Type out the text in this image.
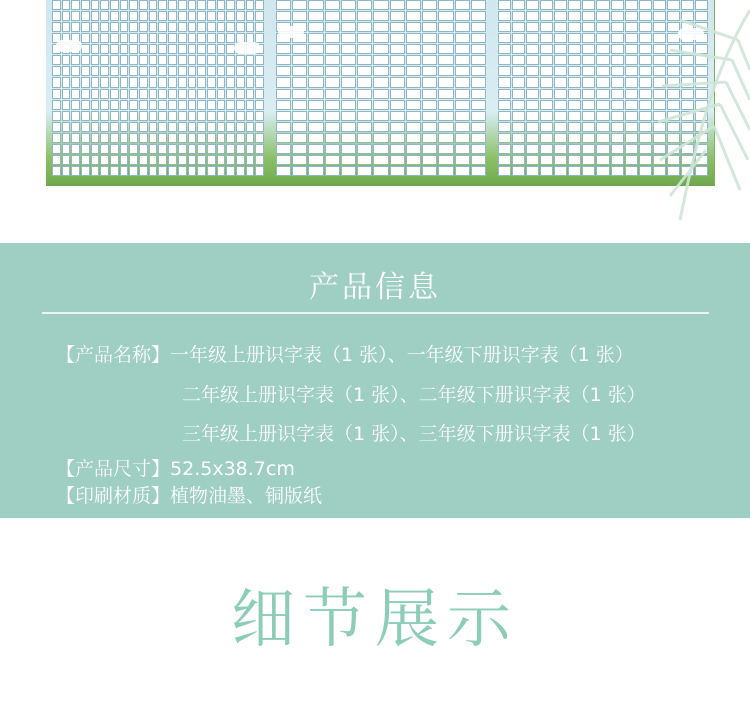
产品信息
【产品名称】一年级上册识字表（1 张）、一年级下册识字表（1 张）
二年级上册识字表（1 张）、二年级下册识字表（1 张）
三年级上册识字表（1 张）、三年级下册识字表（1 张）
【产品尺寸】52.5x38.7cm
【印刷材质】植物油墨、铜版纸
细节展示
